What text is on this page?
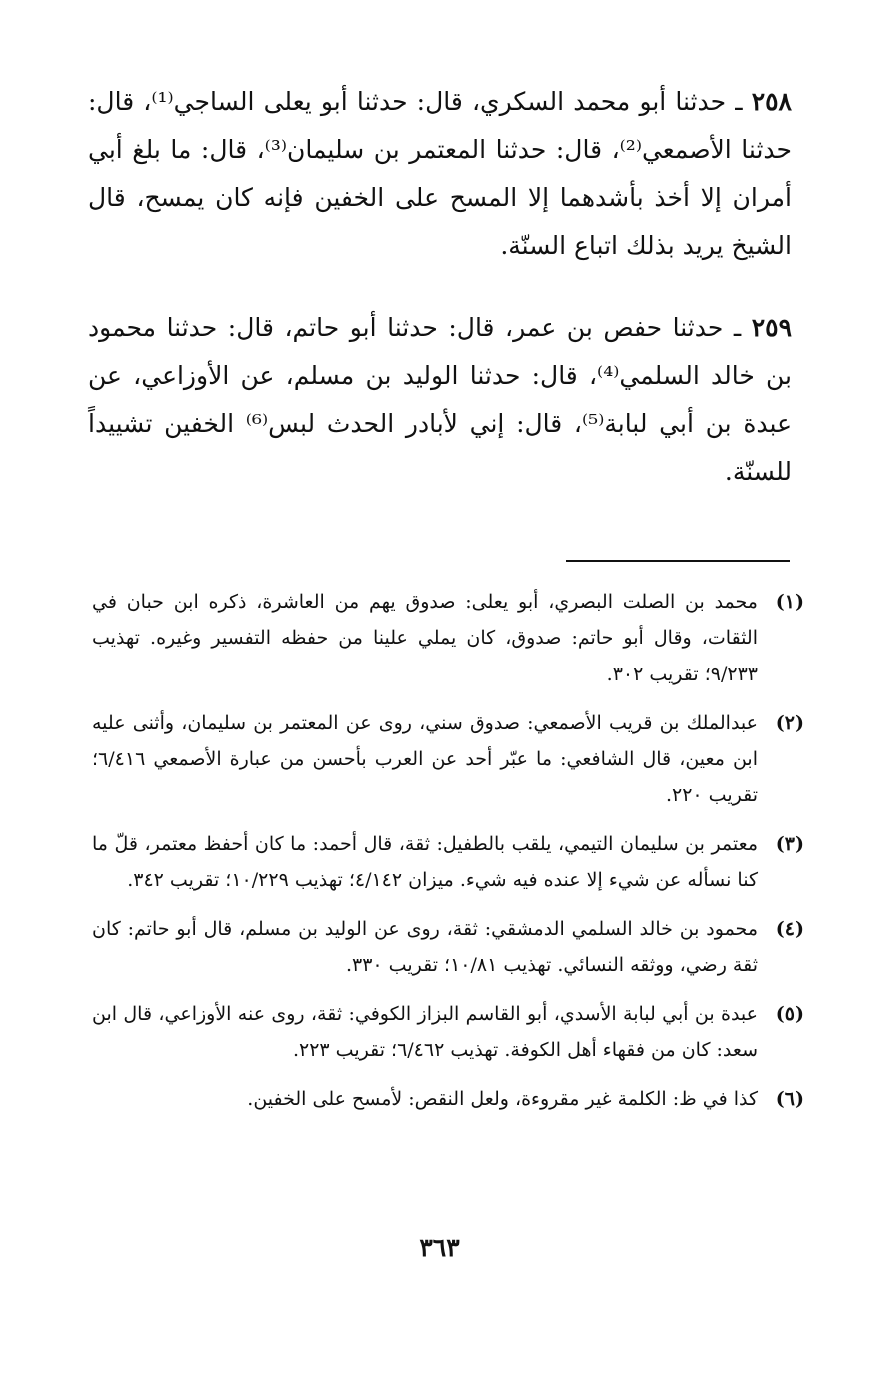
٢٥٨ ـ حدثنا أبو محمد السكري، قال: حدثنا أبو يعلى الساجي⁽¹⁾، قال: حدثنا الأصمعي⁽²⁾، قال: حدثنا المعتمر بن سليمان⁽³⁾، قال: ما بلغ أبي أمران إلا أخذ بأشدهما إلا المسح على الخفين فإنه كان يمسح، قال الشيخ يريد بذلك اتباع السنّة.

٢٥٩ ـ حدثنا حفص بن عمر، قال: حدثنا أبو حاتم، قال: حدثنا محمود بن خالد السلمي⁽⁴⁾، قال: حدثنا الوليد بن مسلم، عن الأوزاعي، عن عبدة بن أبي لبابة⁽⁵⁾، قال: إني لأبادر الحدث لبس⁽⁶⁾ الخفين تشييداً للسنّة.

(١)
محمد بن الصلت البصري، أبو يعلى: صدوق يهم من العاشرة، ذكره ابن حبان في الثقات، وقال أبو حاتم: صدوق، كان يملي علينا من حفظه التفسير وغيره. تهذيب ٩/٢٣٣؛ تقريب ٣٠٢.

(٢)
عبدالملك بن قريب الأصمعي: صدوق سني، روى عن المعتمر بن سليمان، وأثنى عليه ابن معين، قال الشافعي: ما عبّر أحد عن العرب بأحسن من عبارة الأصمعي ٦/٤١٦؛ تقريب ٢٢٠.

(٣)
معتمر بن سليمان التيمي، يلقب بالطفيل: ثقة، قال أحمد: ما كان أحفظ معتمر، قلّ ما كنا نسأله عن شيء إلا عنده فيه شيء. ميزان ٤/١٤٢؛ تهذيب ١٠/٢٢٩؛ تقريب ٣٤٢.

(٤)
محمود بن خالد السلمي الدمشقي: ثقة، روى عن الوليد بن مسلم، قال أبو حاتم: كان ثقة رضي، ووثقه النسائي. تهذيب ١٠/٨١؛ تقريب ٣٣٠.

(٥)
عبدة بن أبي لبابة الأسدي، أبو القاسم البزاز الكوفي: ثقة، روى عنه الأوزاعي، قال ابن سعد: كان من فقهاء أهل الكوفة. تهذيب ٦/٤٦٢؛ تقريب ٢٢٣.

(٦)
كذا في ظ: الكلمة غير مقروءة، ولعل النقص: لأمسح على الخفين.

٣٦٣
